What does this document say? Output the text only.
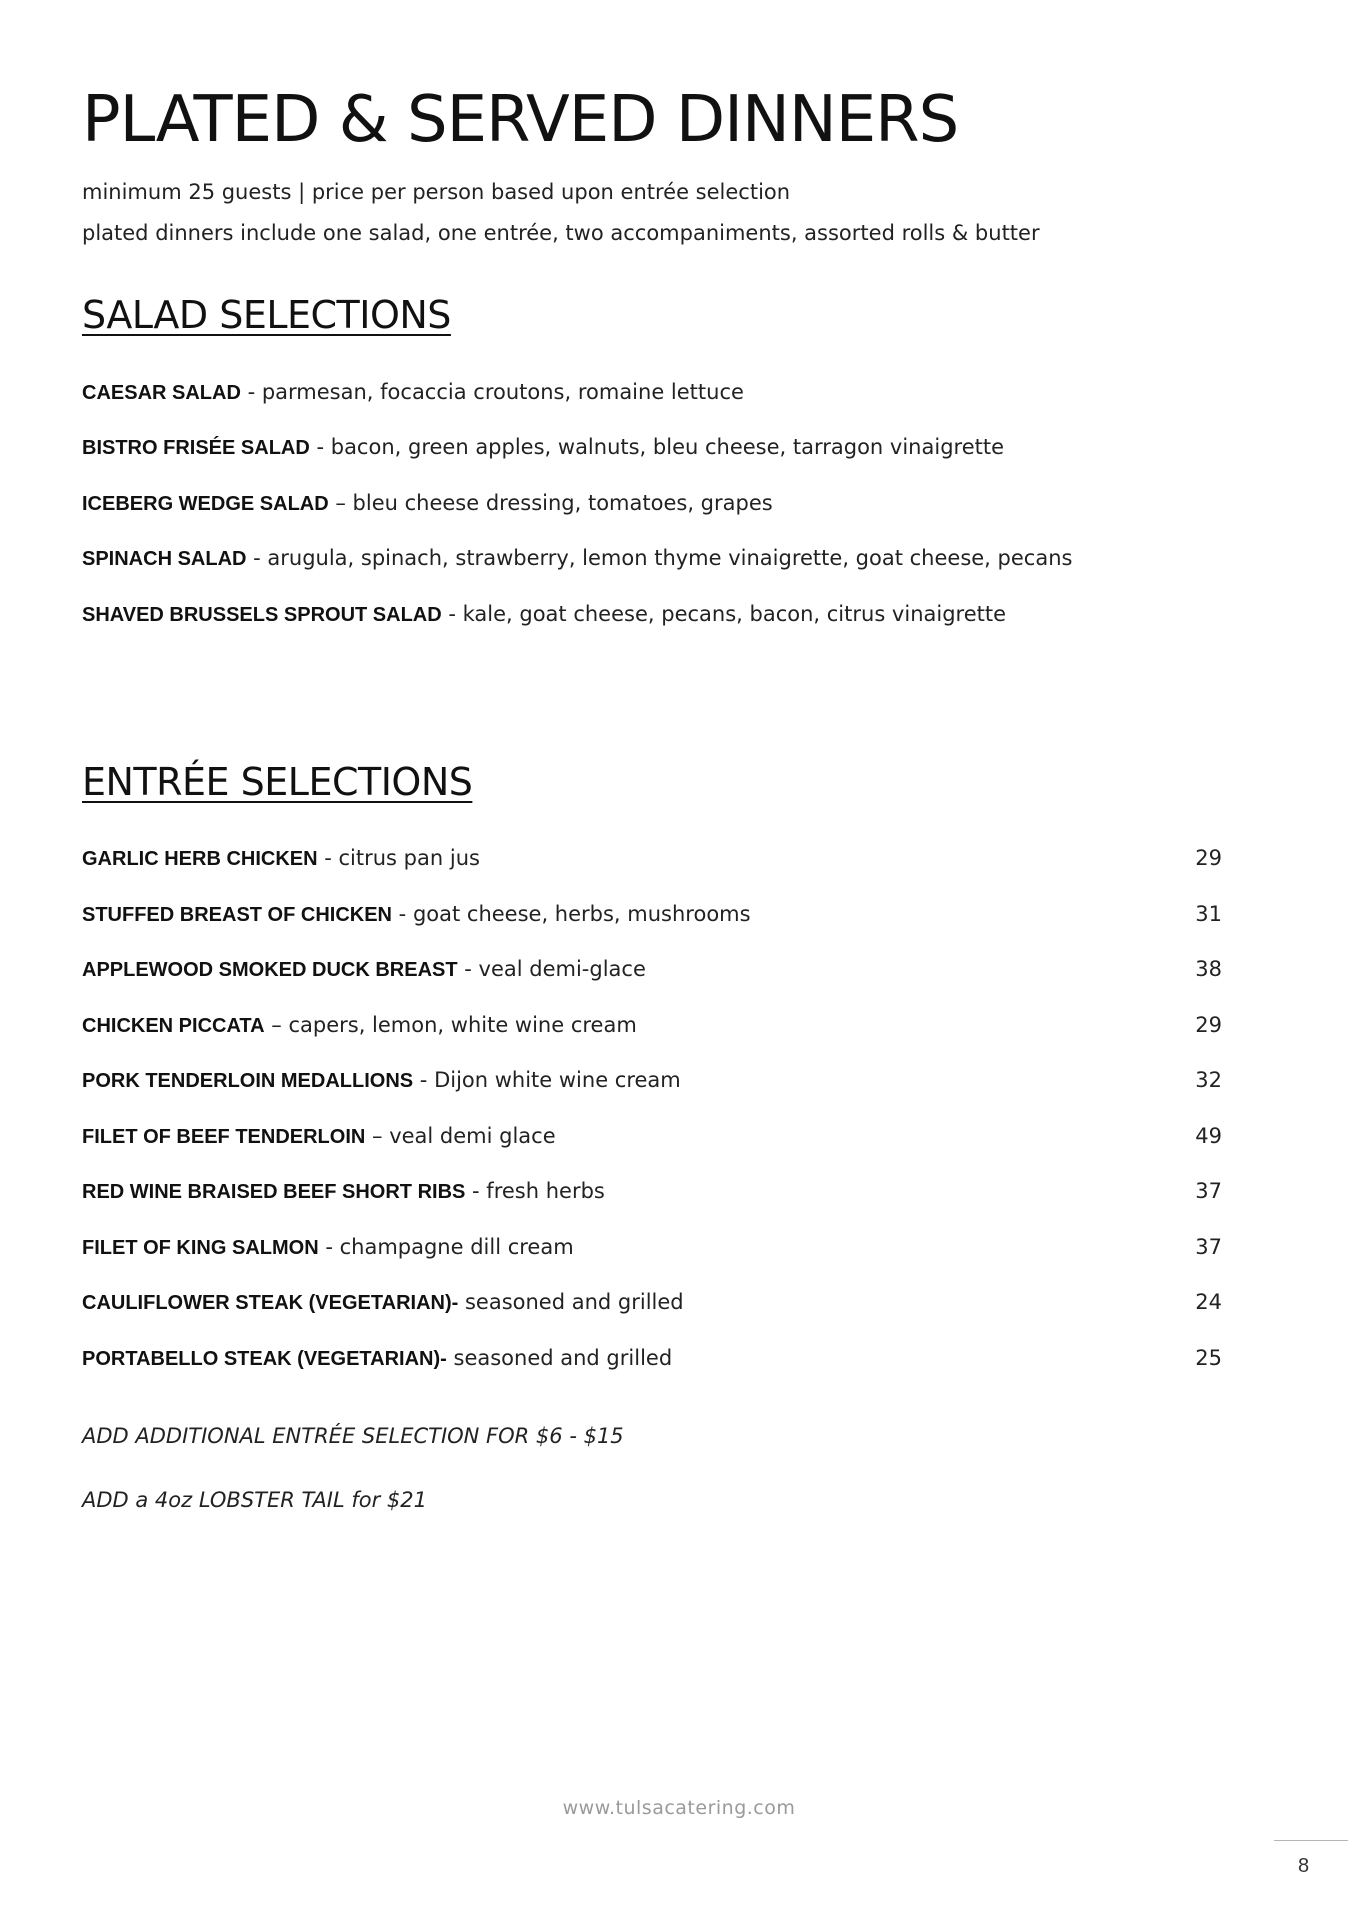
PLATED & SERVED DINNERS
minimum 25 guests | price per person based upon entrée selection
plated dinners include one salad, one entrée, two accompaniments, assorted rolls & butter
SALAD SELECTIONS
CAESAR SALAD - parmesan, focaccia croutons, romaine lettuce
BISTRO FRISÉE SALAD - bacon, green apples, walnuts, bleu cheese, tarragon vinaigrette
ICEBERG WEDGE SALAD – bleu cheese dressing, tomatoes, grapes
SPINACH SALAD - arugula, spinach, strawberry, lemon thyme vinaigrette, goat cheese, pecans
SHAVED BRUSSELS SPROUT SALAD - kale, goat cheese, pecans, bacon, citrus vinaigrette
ENTRÉE SELECTIONS
GARLIC HERB CHICKEN - citrus pan jus	29
STUFFED BREAST OF CHICKEN - goat cheese, herbs, mushrooms	31
APPLEWOOD SMOKED DUCK BREAST - veal demi-glace	38
CHICKEN PICCATA – capers, lemon, white wine cream	29
PORK TENDERLOIN MEDALLIONS - Dijon white wine cream	32
FILET OF BEEF TENDERLOIN – veal demi glace	49
RED WINE BRAISED BEEF SHORT RIBS - fresh herbs	37
FILET OF KING SALMON - champagne dill cream	37
CAULIFLOWER STEAK (VEGETARIAN)- seasoned and grilled	24
PORTABELLO STEAK (VEGETARIAN)- seasoned and grilled	25
ADD ADDITIONAL ENTRÉE SELECTION FOR $6 - $15
ADD a 4oz LOBSTER TAIL for $21
www.tulsacatering.com
8
